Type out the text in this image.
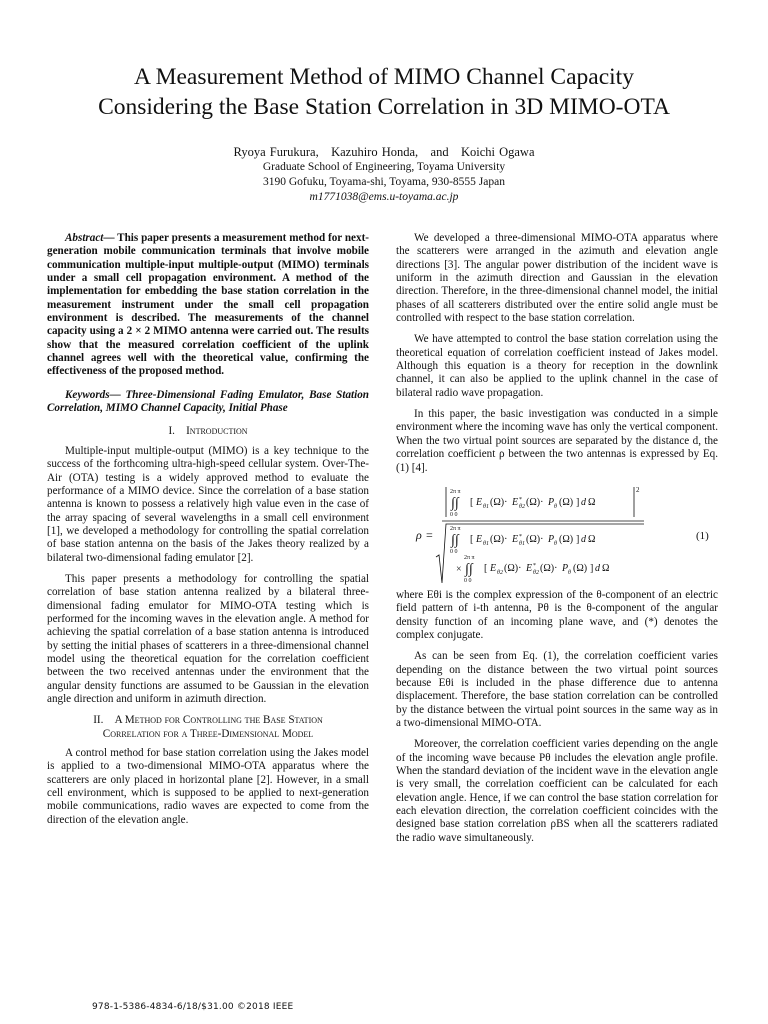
A Measurement Method of MIMO Channel Capacity
Considering the Base Station Correlation in 3D MIMO-OTA
Ryoya Furukura,   Kazuhiro Honda,   and   Koichi Ogawa
Graduate School of Engineering, Toyama University
3190 Gofuku, Toyama-shi, Toyama, 930-8555 Japan
m1771038@ems.u-toyama.ac.jp

Abstract— This paper presents a measurement method for next-generation mobile communication terminals that involve mobile communication multiple-input multiple-output (MIMO) terminals under a small cell propagation environment. A method of the implementation for embedding the base station correlation in the measurement instrument under the small cell propagation environment is described. The measurements of the channel capacity using a 2 × 2 MIMO antenna were carried out. The results show that the measured correlation coefficient of the uplink channel agrees well with the theoretical value, confirming the effectiveness of the proposed method.

Keywords— Three-Dimensional Fading Emulator, Base Station Correlation, MIMO Channel Capacity, Initial Phase

I. Introduction

Multiple-input multiple-output (MIMO) is a key technique to the success of the forthcoming ultra-high-speed cellular system. Over-The-Air (OTA) testing is a widely approved method to evaluate the performance of a MIMO device. Since the correlation of a base station antenna is known to possess a relatively high value even in the case of the array spacing of several wavelengths in a small cell environment [1], we developed a methodology for controlling the spatial correlation of base station antenna on the basis of the Jakes theory realized by a bilateral two-dimensional fading emulator [2].

This paper presents a methodology for controlling the spatial correlation of base station antenna realized by a bilateral three-dimensional fading emulator for MIMO-OTA testing which is performed for the incoming waves in the elevation angle. A method for achieving the spatial correlation of a base station antenna is introduced by setting the initial phases of scatterers in a three-dimensional channel model using the theoretical equation for the correlation coefficient between the two received antennas under the environment that the angular density functions are assumed to be Gaussian in the elevation angle direction and uniform in azimuth direction.

II. A Method for Controlling the Base Station
Correlation for a Three-Dimensional Model

A control method for base station correlation using the Jakes model is applied to a two-dimensional MIMO-OTA apparatus where the scatterers are only placed in horizontal plane [2]. However, in a small cell environment, which is supposed to be applied to next-generation mobile communications, radio waves are expected to come from the direction of the elevation angle.

We developed a three-dimensional MIMO-OTA apparatus where the scatterers were arranged in the azimuth and elevation angle directions [3]. The angular power distribution of the incident wave is uniform in the azimuth direction and Gaussian in the elevation direction. Therefore, in the three-dimensional channel model, the initial phases of all scatterers distributed over the entire solid angle must be controlled with respect to the base station correlation.

We have attempted to control the base station correlation using the theoretical equation of correlation coefficient instead of Jakes model. Although this equation is a theory for reception in the downlink channel, it can also be applied to the uplink channel in the case of bilateral radio wave propagation.

In this paper, the basic investigation was conducted in a simple environment where the incoming wave has only the vertical component. When the two virtual point sources are separated by the distance d, the correlation coefficient ρ between the two antennas is expressed by Eq. (1) [4].

ρ =
2
2π π
∫∫
0 0
[ E θ1 (Ω)· E *
θ2 (Ω)· P θ (Ω) ] d Ω
2π π
∫∫
0 0
[ E θ1 (Ω)· E *
θ1 (Ω)· P θ (Ω) ] d Ω
×
2π π
∫∫
0 0
[ E θ2 (Ω)· E *
θ2 (Ω)· P θ (Ω) ] d Ω
(1)

where Eθi is the complex expression of the θ-component of an electric field pattern of i-th antenna, Pθ is the θ-component of the angular density function of an incoming plane wave, and (*) denotes the complex conjugate.

As can be seen from Eq. (1), the correlation coefficient varies depending on the distance between the two virtual point sources because Eθi is included in the phase difference due to antenna displacement. Therefore, the base station correlation can be controlled by the distance between the virtual point sources in the same way as in a two-dimensional MIMO-OTA.

Moreover, the correlation coefficient varies depending on the angle of the incoming wave because Pθ includes the elevation angle profile. When the standard deviation of the incident wave in the elevation angle is very small, the correlation coefficient can be calculated for each elevation angle. Hence, if we can control the base station correlation for each elevation direction, the correlation coefficient coincides with the designed base station correlation ρBS when all the scatterers radiated the radio wave simultaneously.

978-1-5386-4834-6/18/$31.00 ©2018 IEEE
